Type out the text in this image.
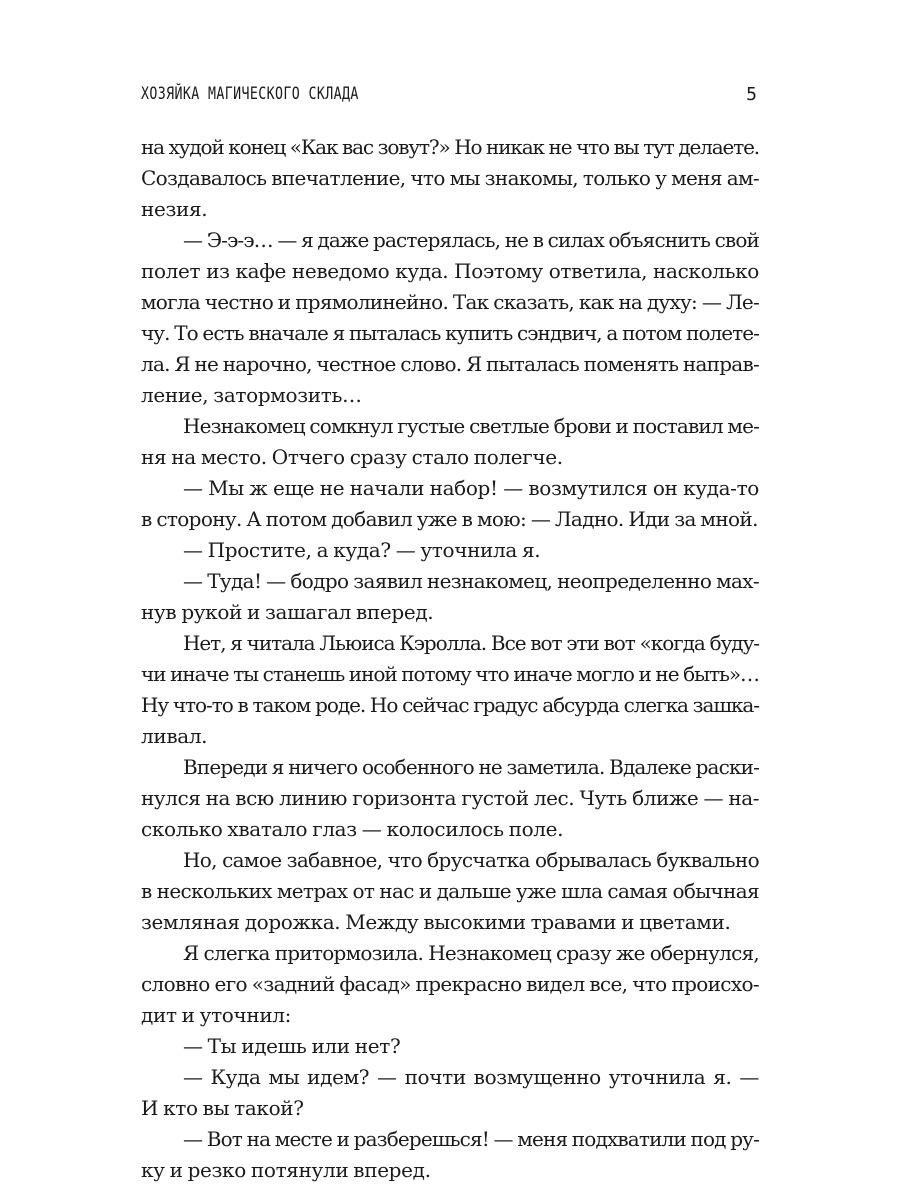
ХОЗЯЙКА МАГИЧЕСКОГО СКЛАДА	5
на худой конец «Как вас зовут?» Но никак не что вы тут делаете.
Создавалось впечатление, что мы знакомы, только у меня ам-
незия.
— Э-э-э… — я даже растерялась, не в силах объяснить свой
полет из кафе неведомо куда. Поэтому ответила, насколько
могла честно и прямолинейно. Так сказать, как на духу: — Ле-
чу. То есть вначале я пыталась купить сэндвич, а потом полете-
ла. Я не нарочно, честное слово. Я пыталась поменять направ-
ление, затормозить…
Незнакомец сомкнул густые светлые брови и поставил ме-
ня на место. Отчего сразу стало полегче.
— Мы ж еще не начали набор! — возмутился он куда-то
в сторону. А потом добавил уже в мою: — Ладно. Иди за мной.
— Простите, а куда? — уточнила я.
— Туда! — бодро заявил незнакомец, неопределенно мах-
нув рукой и зашагал вперед.
Нет, я читала Льюиса Кэролла. Все вот эти вот «когда буду-
чи иначе ты станешь иной потому что иначе могло и не быть»…
Ну что-то в таком роде. Но сейчас градус абсурда слегка зашка-
ливал.
Впереди я ничего особенного не заметила. Вдалеке раски-
нулся на всю линию горизонта густой лес. Чуть ближе — на-
сколько хватало глаз — колосилось поле.
Но, самое забавное, что брусчатка обрывалась буквально
в нескольких метрах от нас и дальше уже шла самая обычная
земляная дорожка. Между высокими травами и цветами.
Я слегка притормозила. Незнакомец сразу же обернулся,
словно его «задний фасад» прекрасно видел все, что происхо-
дит и уточнил:
— Ты идешь или нет?
— Куда мы идем? — почти возмущенно уточнила я. —
И кто вы такой?
— Вот на месте и разберешься! — меня подхватили под ру-
ку и резко потянули вперед.
